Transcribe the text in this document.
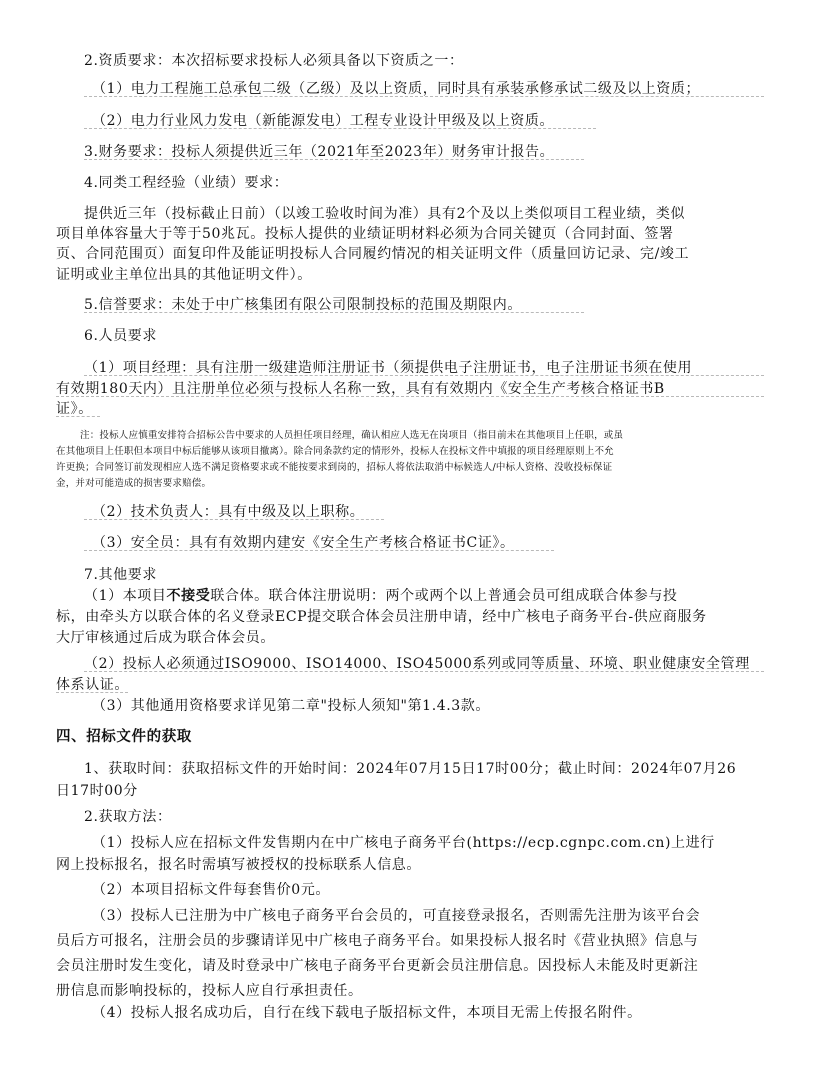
2.资质要求：本次招标要求投标人必须具备以下资质之一：
（1）电力工程施工总承包二级（乙级）及以上资质，同时具有承装承修承试二级及以上资质；
（2）电力行业风力发电（新能源发电）工程专业设计甲级及以上资质。
3.财务要求：投标人须提供近三年（2021年至2023年）财务审计报告。
4.同类工程经验（业绩）要求：
提供近三年（投标截止日前）（以竣工验收时间为准）具有2个及以上类似项目工程业绩，类似
项目单体容量大于等于50兆瓦。投标人提供的业绩证明材料必须为合同关键页（合同封面、签署
页、合同范围页）面复印件及能证明投标人合同履约情况的相关证明文件（质量回访记录、完/竣工
证明或业主单位出具的其他证明文件）。
5.信誉要求：未处于中广核集团有限公司限制投标的范围及期限内。
6.人员要求
（1）项目经理：具有注册一级建造师注册证书（须提供电子注册证书，电子注册证书须在使用
有效期180天内）且注册单位必须与投标人名称一致，具有有效期内《安全生产考核合格证书B
证》。
注：投标人应慎重安排符合招标公告中要求的人员担任项目经理，确认相应人选无在岗项目（指目前未在其他项目上任职，或虽
在其他项目上任职但本项目中标后能够从该项目撤离）。除合同条款约定的情形外，投标人在投标文件中填报的项目经理原则上不允
许更换；合同签订前发现相应人选不满足资格要求或不能按要求到岗的，招标人将依法取消中标候选人/中标人资格、没收投标保证
金，并对可能造成的损害要求赔偿。
（2）技术负责人：具有中级及以上职称。
（3）安全员：具有有效期内建安《安全生产考核合格证书C证》。
7.其他要求
（1）本项目不接受联合体。联合体注册说明：两个或两个以上普通会员可组成联合体参与投
标，由牵头方以联合体的名义登录ECP提交联合体会员注册申请，经中广核电子商务平台-供应商服务
大厅审核通过后成为联合体会员。
（2）投标人必须通过ISO9000、ISO14000、ISO45000系列或同等质量、环境、职业健康安全管理
体系认证。
（3）其他通用资格要求详见第二章"投标人须知"第1.4.3款。
四、招标文件的获取
1、获取时间：获取招标文件的开始时间：2024年07月15日17时00分；截止时间：2024年07月26
日17时00分
2.获取方法：
（1）投标人应在招标文件发售期内在中广核电子商务平台(https://ecp.cgnpc.com.cn)上进行
网上投标报名，报名时需填写被授权的投标联系人信息。
（2）本项目招标文件每套售价0元。
（3）投标人已注册为中广核电子商务平台会员的，可直接登录报名，否则需先注册为该平台会
员后方可报名，注册会员的步骤请详见中广核电子商务平台。如果投标人报名时《营业执照》信息与
会员注册时发生变化，请及时登录中广核电子商务平台更新会员注册信息。因投标人未能及时更新注
册信息而影响投标的，投标人应自行承担责任。
（4）投标人报名成功后，自行在线下载电子版招标文件，本项目无需上传报名附件。
